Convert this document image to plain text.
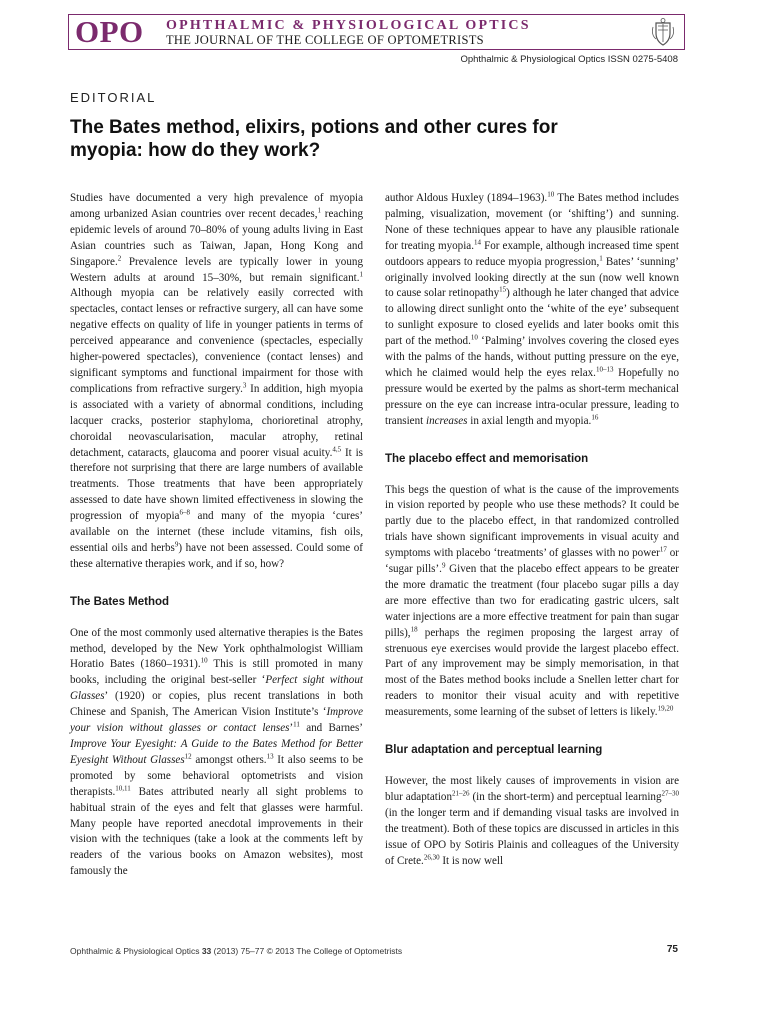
OPO OPHTHALMIC & PHYSIOLOGICAL OPTICS
THE JOURNAL OF THE COLLEGE OF OPTOMETRISTS
Ophthalmic & Physiological Optics ISSN 0275-5408
EDITORIAL
The Bates method, elixirs, potions and other cures for myopia: how do they work?

Studies have documented a very high prevalence of myopia among urbanized Asian countries over recent decades,$^1$ reaching epidemic levels of around 70–80% of young adults living in East Asian countries such as Taiwan, Japan, Hong Kong and Singapore.$^2$ Prevalence levels are typically lower in young Western adults at around 15–30%, but remain significant.$^1$ Although myopia can be relatively easily corrected with spectacles, contact lenses or refractive surgery, all can have some negative effects on quality of life in younger patients in terms of perceived appearance and convenience (spectacles, especially higher-powered spectacles), convenience (contact lenses) and significant symptoms and functional impairment for those with complications from refractive surgery.$^3$ In addition, high myopia is associated with a variety of abnormal conditions, including lacquer cracks, posterior staphyloma, chorioretinal atrophy, choroidal neovascularisation, macular atrophy, retinal detachment, cataracts, glaucoma and poorer visual acuity.$^{4,5}$ It is therefore not surprising that there are large numbers of available treatments. Those treatments that have been appropriately assessed to date have shown limited effectiveness in slowing the progression of myopia$^{6-8}$ and many of the myopia ‘cures’ available on the internet (these include vitamins, fish oils, essential oils and herbs$^9$) have not been assessed. Could some of these alternative therapies work, and if so, how?

The Bates Method

One of the most commonly used alternative therapies is the Bates method, developed by the New York ophthalmologist William Horatio Bates (1860–1931).$^{10}$ This is still promoted in many books, including the original best-seller ‘Perfect sight without Glasses’ (1920) or copies, plus recent translations in both Chinese and Spanish, The American Vision Institute’s ‘Improve your vision without glasses or contact lenses’$^{11}$ and Barnes’ Improve Your Eyesight: A Guide to the Bates Method for Better Eyesight Without Glasses$^{12}$ amongst others.$^{13}$ It also seems to be promoted by some behavioral optometrists and vision therapists.$^{10,11}$ Bates attributed nearly all sight problems to habitual strain of the eyes and felt that glasses were harmful. Many people have reported anecdotal improvements in their vision with the techniques (take a look at the comments left by readers of the various books on Amazon websites), most famously the

author Aldous Huxley (1894–1963).$^{10}$ The Bates method includes palming, visualization, movement (or ‘shifting’) and sunning. None of these techniques appear to have any plausible rationale for treating myopia.$^{14}$ For example, although increased time spent outdoors appears to reduce myopia progression,$^1$ Bates’ ‘sunning’ originally involved looking directly at the sun (now well known to cause solar retinopathy$^{15}$) although he later changed that advice to allowing direct sunlight onto the ‘white of the eye’ subsequent to sunlight exposure to closed eyelids and later books omit this part of the method.$^{10}$ ‘Palming’ involves covering the closed eyes with the palms of the hands, without putting pressure on the eye, which he claimed would help the eyes relax.$^{10-13}$ Hopefully no pressure would be exerted by the palms as short-term mechanical pressure on the eye can increase intra-ocular pressure, leading to transient increases in axial length and myopia.$^{16}$

The placebo effect and memorisation

This begs the question of what is the cause of the improvements in vision reported by people who use these methods? It could be partly due to the placebo effect, in that randomized controlled trials have shown significant improvements in visual acuity and symptoms with placebo ‘treatments’ of glasses with no power$^{17}$ or ‘sugar pills’.$^9$ Given that the placebo effect appears to be greater the more dramatic the treatment (four placebo sugar pills a day are more effective than two for eradicating gastric ulcers, salt water injections are a more effective treatment for pain than sugar pills),$^{18}$ perhaps the regimen proposing the largest array of strenuous eye exercises would provide the largest placebo effect. Part of any improvement may be simply memorisation, in that most of the Bates method books include a Snellen letter chart for readers to monitor their visual acuity and with repetitive measurements, some learning of the subset of letters is likely.$^{19,20}$

Blur adaptation and perceptual learning

However, the most likely causes of improvements in vision are blur adaptation$^{21-26}$ (in the short-term) and perceptual learning$^{27-30}$ (in the longer term and if demanding visual tasks are involved in the treatment). Both of these topics are discussed in articles in this issue of OPO by Sotiris Plainis and colleagues of the University of Crete.$^{26,30}$ It is now well

Ophthalmic & Physiological Optics 33 (2013) 75–77 © 2013 The College of Optometrists	75
